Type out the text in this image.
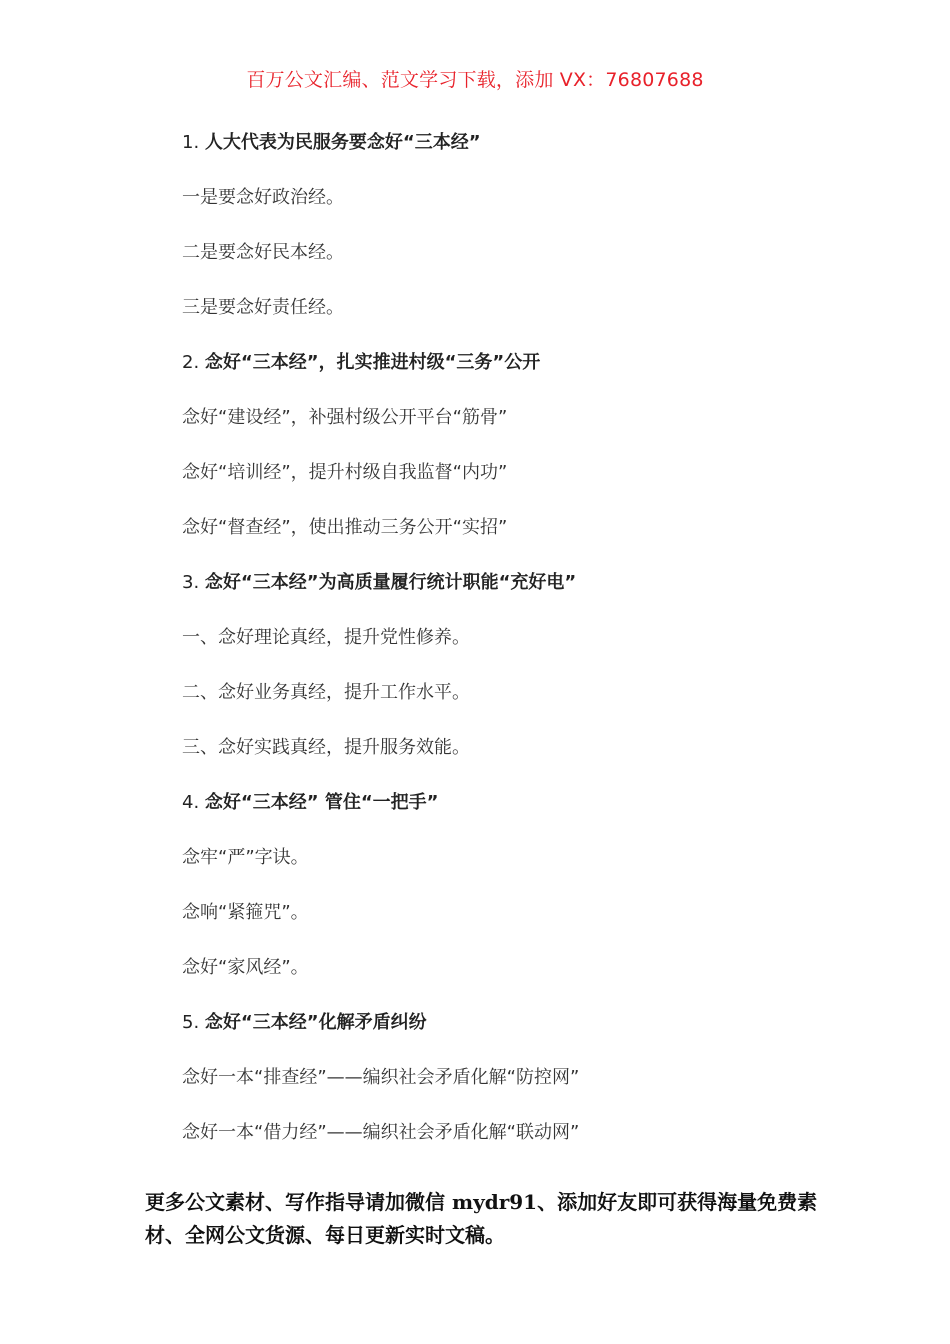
百万公文汇编、范文学习下载，添加 VX：76807688
1. 人大代表为民服务要念好“三本经”
一是要念好政治经。
二是要念好民本经。
三是要念好责任经。
2. 念好“三本经”，扎实推进村级“三务”公开
念好“建设经”，补强村级公开平台“筋骨”
念好“培训经”，提升村级自我监督“内功”
念好“督查经”，使出推动三务公开“实招”
3. 念好“三本经”为高质量履行统计职能“充好电”
一、念好理论真经，提升党性修养。
二、念好业务真经，提升工作水平。
三、念好实践真经，提升服务效能。
4. 念好“三本经” 管住“一把手”
念牢“严”字诀。
念响“紧箍咒”。
念好“家风经”。
5. 念好“三本经”化解矛盾纠纷
念好一本“排查经”——编织社会矛盾化解“防控网”
念好一本“借力经”——编织社会矛盾化解“联动网”
更多公文素材、写作指导请加微信 mydr91、添加好友即可获得海量免费素材、全网公文货源、每日更新实时文稿。
